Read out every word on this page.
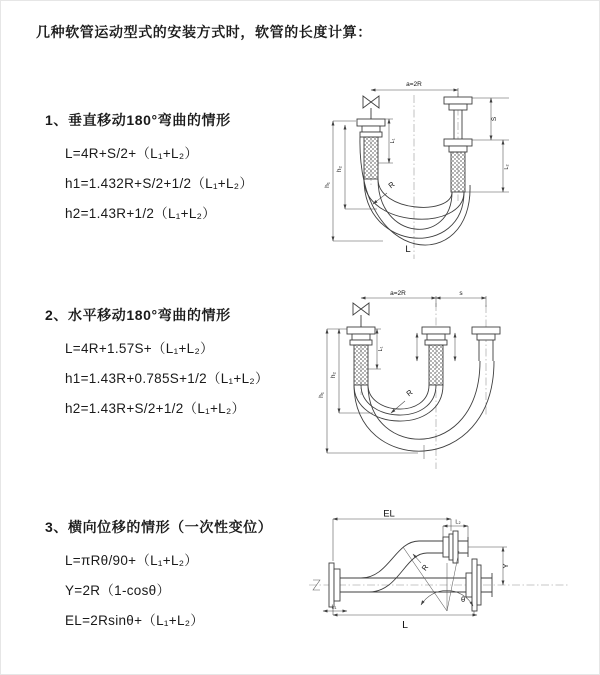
几种软管运动型式的安装方式时，软管的长度计算：
1、垂直移动180°弯曲的情形
L=4R+S/2+（L₁+L₂）
h1=1.432R+S/2+1/2（L₁+L₂）
h2=1.43R+1/2（L₁+L₂）
a=2R
h₁
h₂
L₁
S
L₂
R
L
2、水平移动180°弯曲的情形
L=4R+1.57S+（L₁+L₂）
h1=1.43R+0.785S+1/2（L₁+L₂）
h2=1.43R+S/2+1/2（L₁+L₂）
a=2R	s
h₁
h₂
L₁
R
3、横向位移的情形（一次性变位）
L=πRθ/90+（L₁+L₂）
Y=2R（1-cosθ）
EL=2Rsinθ+（L₁+L₂）
θ
EL
L₂
Y
L₁
L
R
